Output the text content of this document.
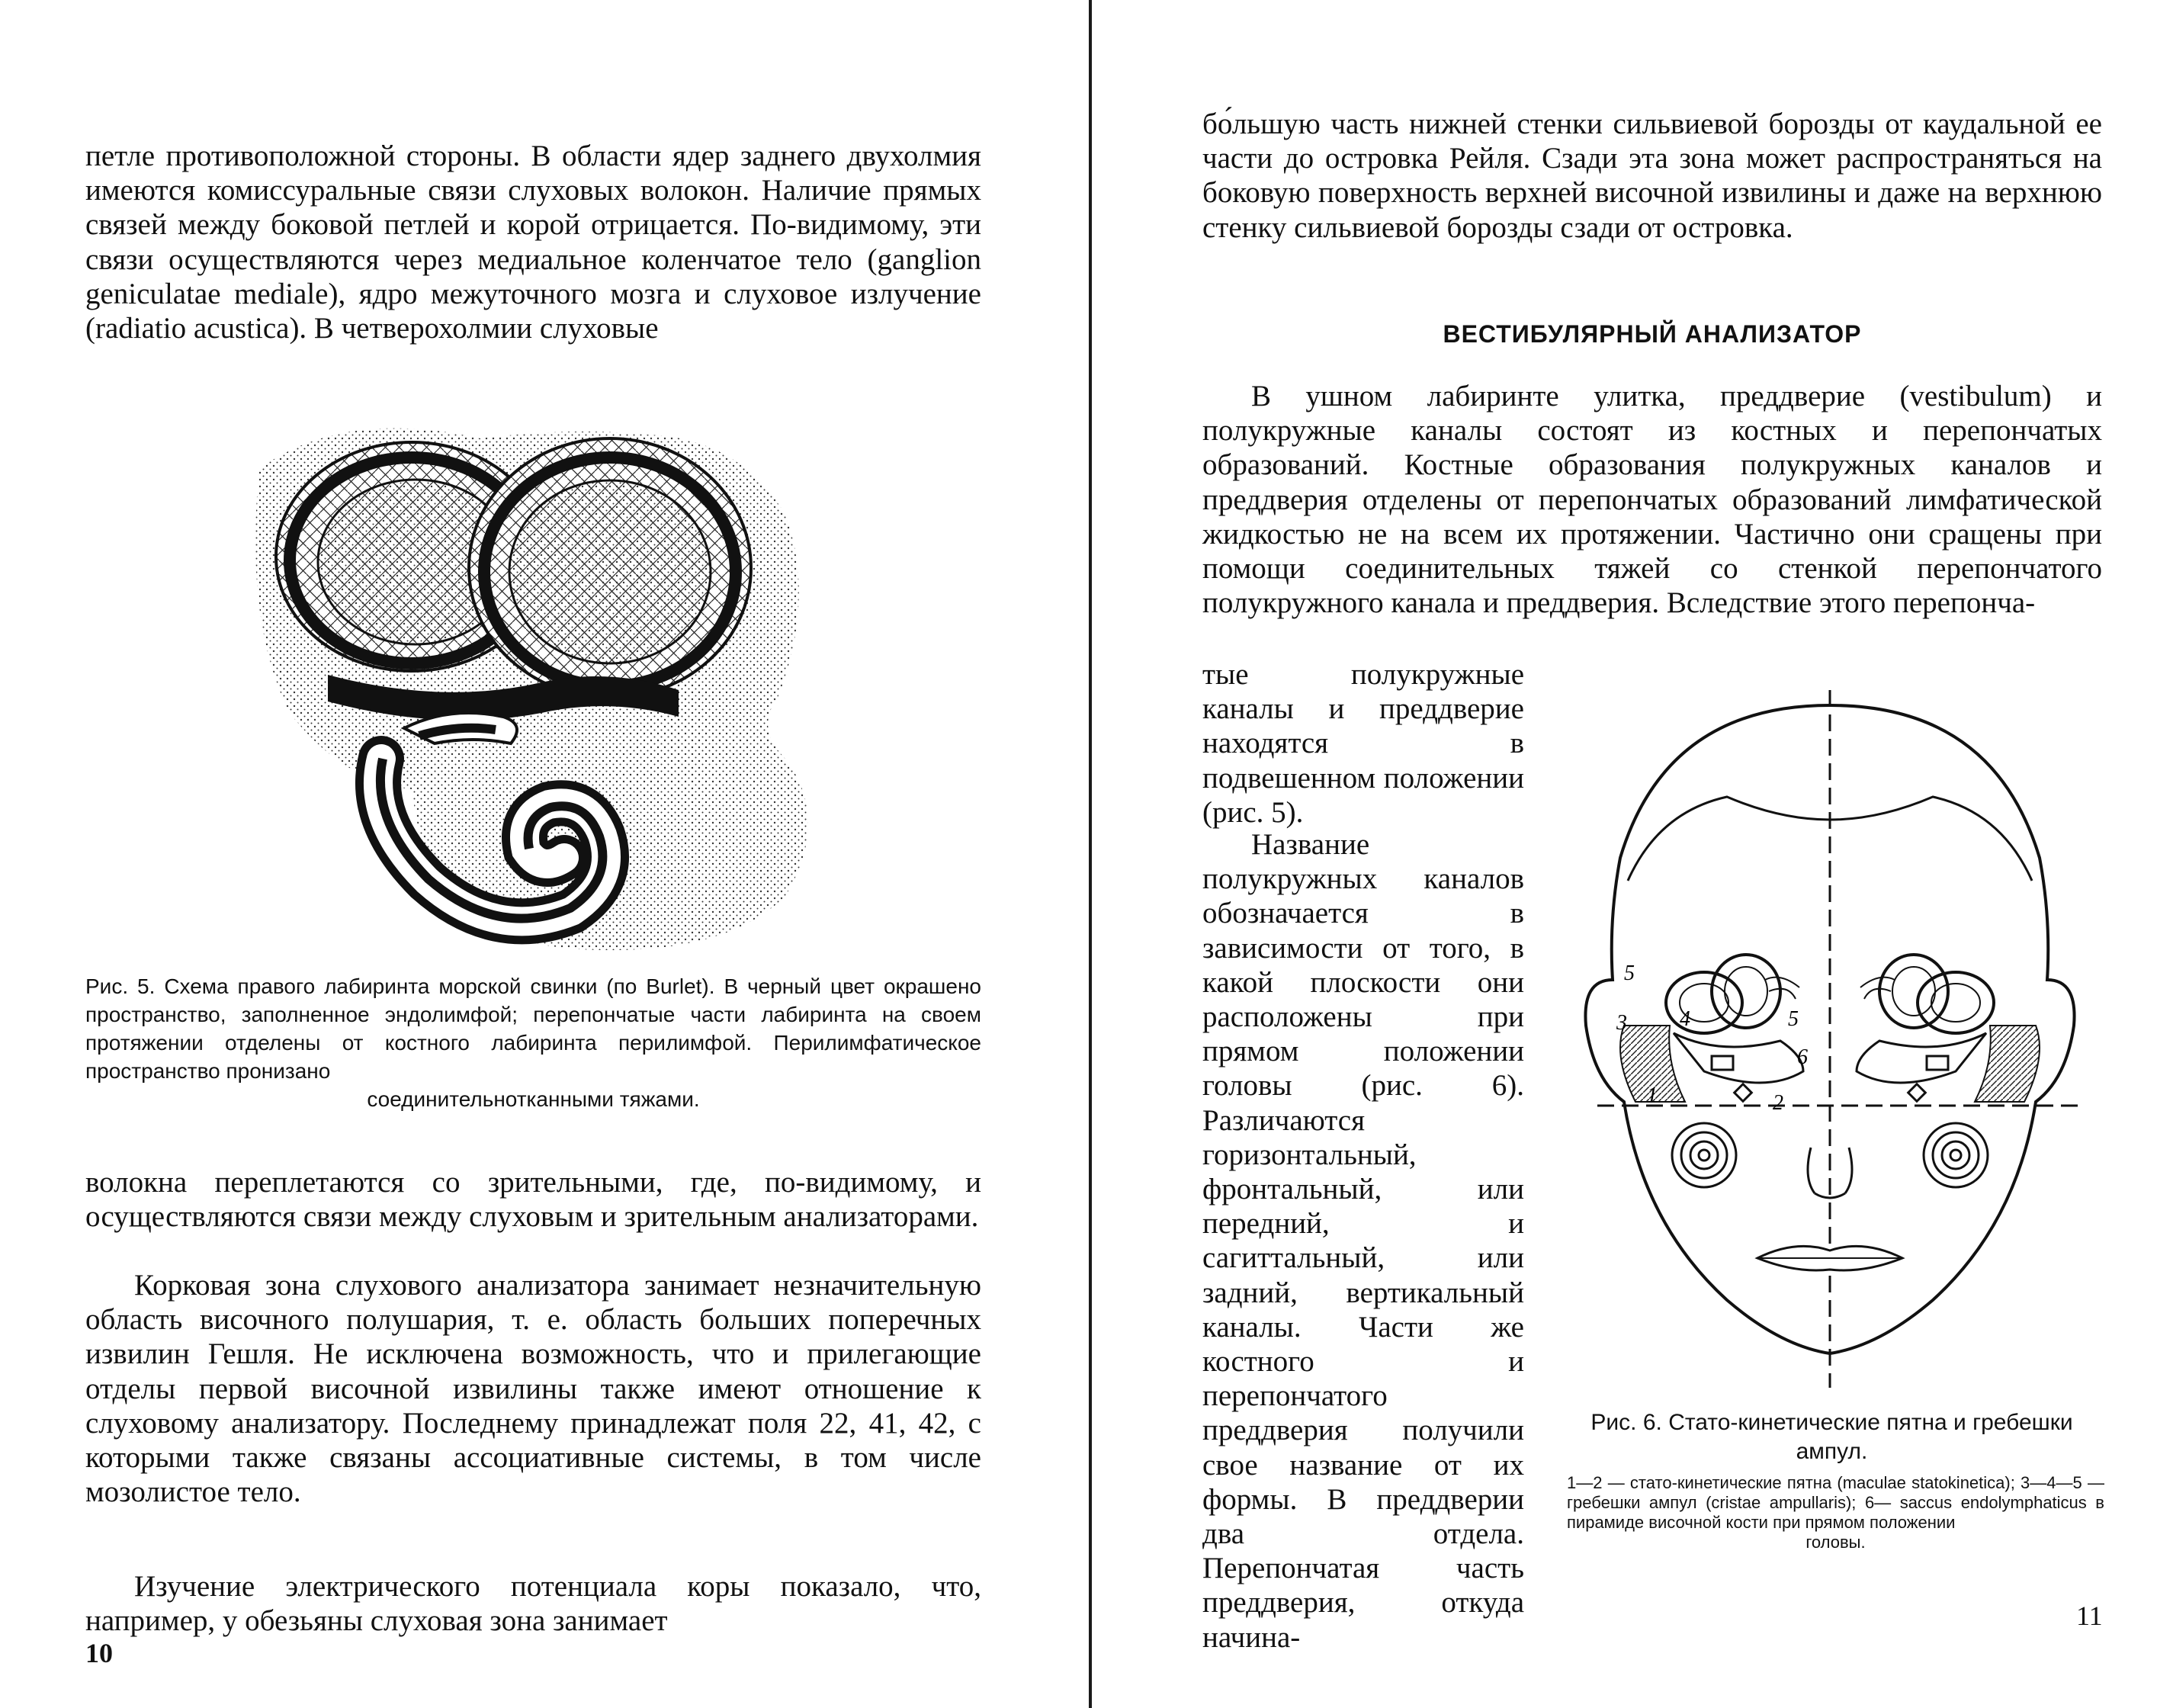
петле противоположной стороны. В области ядер заднего двухолмия имеются комиссуральные связи слуховых волокон. Наличие прямых связей между боковой петлей и корой отрицается. По-видимому, эти связи осуществляются через медиальное коленчатое тело (ganglion geniculatae mediale), ядро межуточного мозга и слуховое излучение (radiatio acustica). В четверохолмии слуховые

Рис. 5. Схема правого лабиринта морской свинки (по Burlet). В черный цвет окрашено пространство, заполненное эндолимфой; перепончатые части лабиринта на своем протяжении отделены от костного лабиринта перилимфой. Перилимфатическое пространство пронизано
соединительнотканными тяжами.

волокна переплетаются со зрительными, где, по-видимому, и осуществляются связи между слуховым и зрительным анализаторами.

Корковая зона слухового анализатора занимает незначительную область височного полушария, т. е. область больших поперечных извилин Гешля. Не исключена возможность, что и прилегающие отделы первой височной извилины также имеют отношение к слуховому анализатору. Последнему принадлежат поля 22, 41, 42, с которыми также связаны ассоциативные системы, в том числе мозолистое тело.

Изучение электрического потенциала коры показало, что, например, у обезьяны слуховая зона занимает

10

бо́льшую часть нижней стенки сильвиевой борозды от каудальной ее части до островка Рейля. Сзади эта зона может распространяться на боковую поверхность верхней височной извилины и даже на верхнюю стенку сильвиевой борозды сзади от островка.

ВЕСТИБУЛЯРНЫЙ АНАЛИЗАТОР

В ушном лабиринте улитка, преддверие (vestibulum) и полукружные каналы состоят из костных и перепончатых образований. Костные образования полукружных каналов и преддверия отделены от перепончатых образований лимфатической жидкостью не на всем их протяжении. Частично они сращены при помощи соединительных тяжей со стенкой перепончатого полукружного канала и преддверия. Вследствие этого перепонча-

тые полукружные каналы и преддверие находятся в подвешенном положении (рис. 5).

Название полукружных каналов обозначается в зависимости от того, в какой плоскости они расположены при прямом положении головы (рис. 6). Различаются горизонтальный, фронтальный, или передний, и сагиттальный, или задний, вертикальный каналы. Части же костного и перепончатого преддверия получили свое название от их формы. В преддверии два отдела. Перепончатая часть преддверия, откуда начина-

5
4
3
1	2
5
6

Рис. 6. Стато-кинетические пятна и гребешки ампул.

1—2 — стато-кинетические пятна (maculae statokinetica); 3—4—5 — гребешки ампул (cristae ampullaris); 6— saccus endolymphaticus в пирамиде височной кости при прямом положении
головы.

11
